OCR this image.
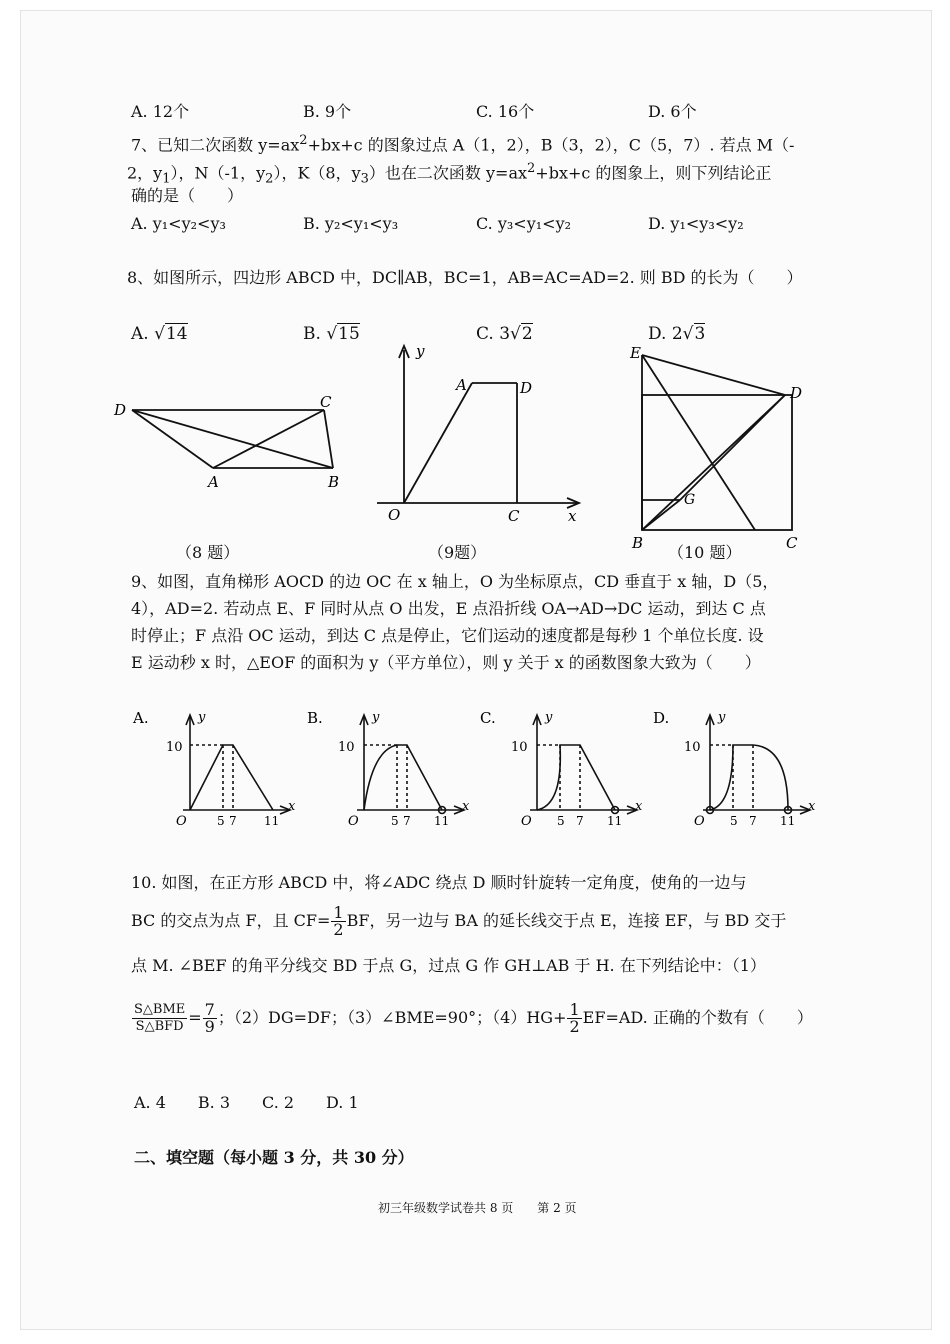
A. 12个	B. 9个	C. 16个	D. 6个
7、已知二次函数 $y=ax^2+bx+c$ 的图象过点 A（1，2），B（3，2），C（5，7）. 若点 M（-
2，$y_1$），N（-1，$y_2$），K（8，$y_3$）也在二次函数 $y=ax^2+bx+c$ 的图象上，则下列结论正
确的是（　　）
A. y₁<y₂<y₃	B. y₂<y₁<y₃	C. y₃<y₁<y₂	D. y₁<y₃<y₂
8、如图所示，四边形 ABCD 中，DC∥AB，BC=1，AB=AC=AD=2. 则 BD 的长为（　　）
A. √14	B. √15	C. 3√2	D. 2√3
D	C
A	B
y
A	D
O	C	x
E
D
G
B	C
（8 题）	（9题）	（10 题）
9、如图，直角梯形 AOCD 的边 OC 在 x 轴上，O 为坐标原点，CD 垂直于 x 轴，D（5，
4），AD=2. 若动点 E、F 同时从点 O 出发，E 点沿折线 OA→AD→DC 运动，到达 C 点
时停止；F 点沿 OC 运动，到达 C 点是停止，它们运动的速度都是每秒 1 个单位长度. 设
E 运动秒 x 时，△EOF 的面积为 y（平方单位），则 y 关于 x 的函数图象大致为（　　）
A.	y
x
10
O	5 7 11
B.	y
x
10
O	5 7 11
C.	y
x
10
O 5 7 11
D.	y
x
10
O 5 7 11
10. 如图，在正方形 ABCD 中，将∠ADC 绕点 D 顺时针旋转一定角度，使角的一边与
BC 的交点为点 F，且 $CF= \frac{1}{2}$ BF，另一边与 BA 的延长线交于点 E，连接 EF，与 BD 交于
点 M. ∠BEF 的角平分线交 BD 于点 G，过点 G 作 GH⊥AB 于 H. 在下列结论中：（1）
$\frac{\text{S△BME}}{\text{S△BFD}} = \frac{7}{9}$ ；（2）DG=DF；（3）∠BME=90°；$(4)HG+ \frac{1}{2} EF=AD$. 正确的个数有（　　）
A. 4　　B. 3　　C. 2　　D. 1
二、填空题（每小题 3 分，共 30 分）
初三年级数学试卷共 8 页　　第 2 页
